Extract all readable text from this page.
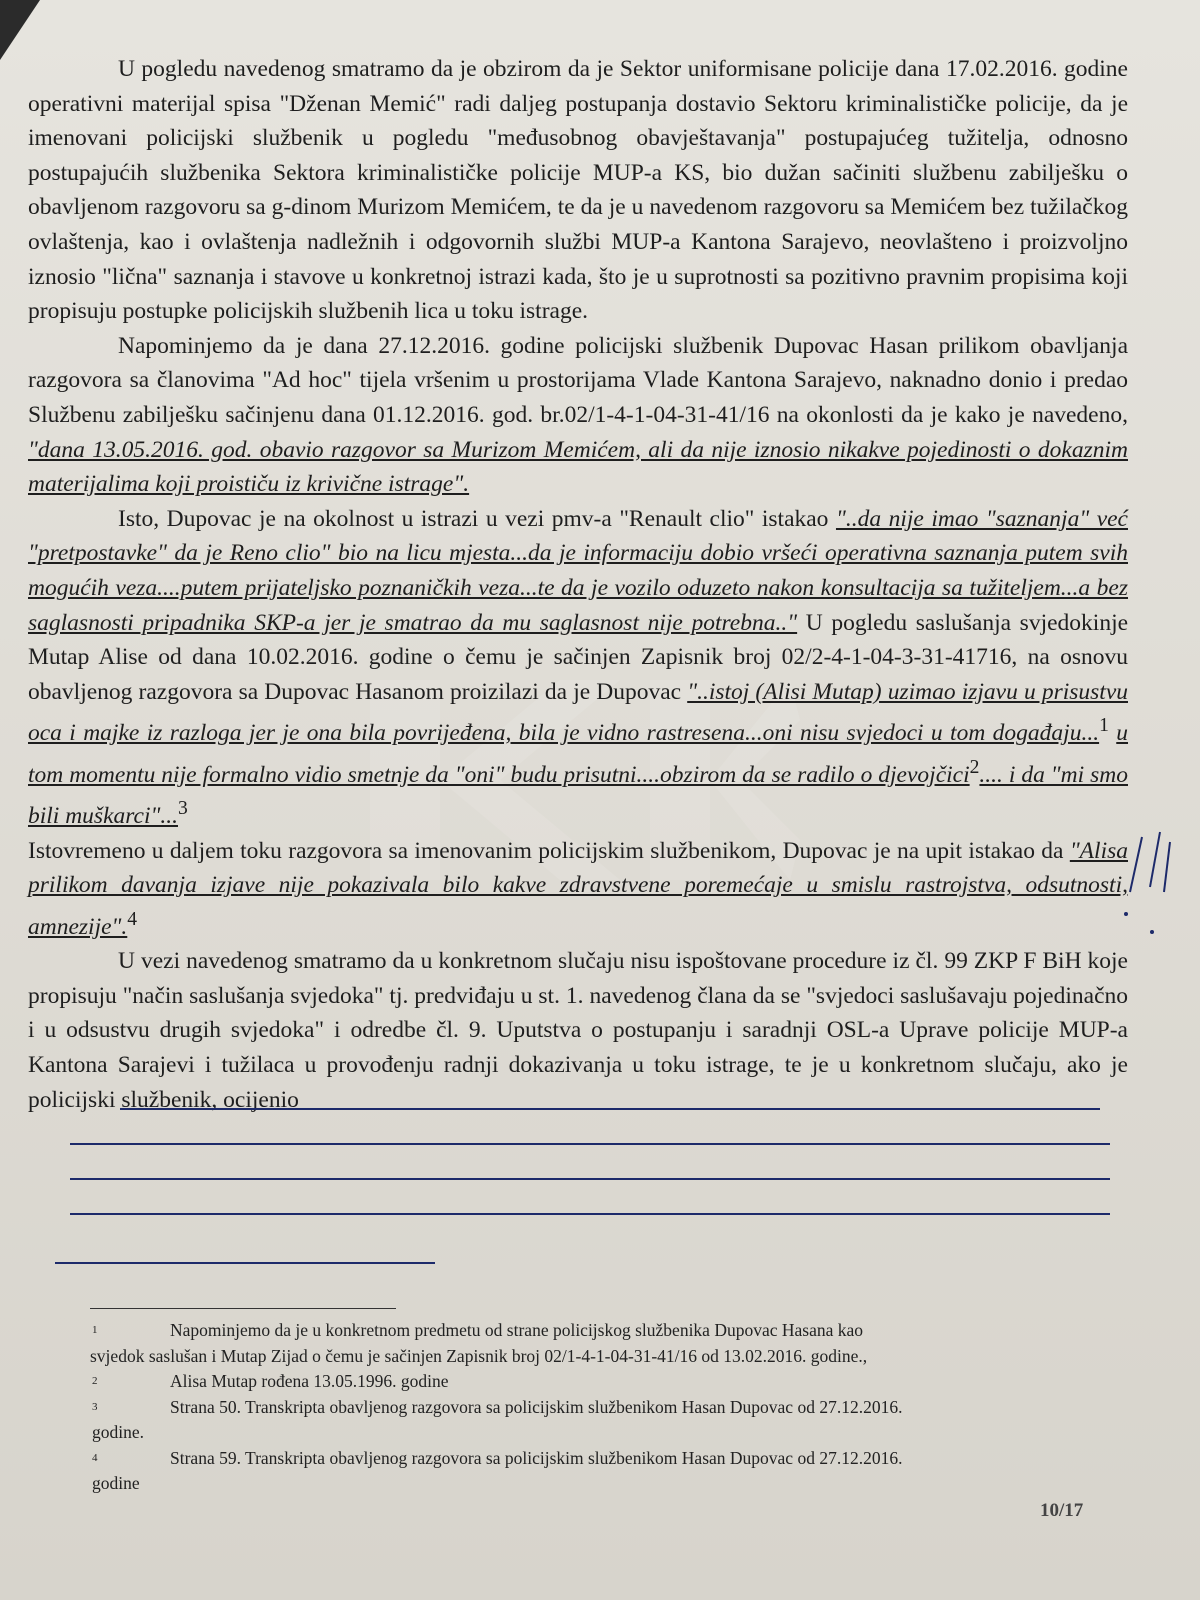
U pogledu navedenog smatramo da je obzirom da je Sektor uniformisane policije dana 17.02.2016. godine operativni materijal spisa "Dženan Memić" radi daljeg postupanja dostavio Sektoru kriminalističke policije, da je imenovani policijski službenik u pogledu "međusobnog obavještavanja" postupajućeg tužitelja, odnosno postupajućih službenika Sektora kriminalističke policije MUP-a KS, bio dužan sačiniti službenu zabilješku o obavljenom razgovoru sa g-dinom Murizom Memićem, te da je u navedenom razgovoru sa Memićem bez tužilačkog ovlaštenja, kao i ovlaštenja nadležnih i odgovornih službi MUP-a Kantona Sarajevo, neovlašteno i proizvoljno iznosio "lična" saznanja i stavove u konkretnoj istrazi kada, što je u suprotnosti sa pozitivno pravnim propisima koji propisuju postupke policijskih službenih lica u toku istrage.

Napominjemo da je dana 27.12.2016. godine policijski službenik Dupovac Hasan prilikom obavljanja razgovora sa članovima "Ad hoc" tijela vršenim u prostorijama Vlade Kantona Sarajevo, naknadno donio i predao Službenu zabilješku sačinjenu dana 01.12.2016. god. br.02/1-4-1-04-31-41/16 na okonlosti da je kako je navedeno, "dana 13.05.2016. god. obavio razgovor sa Murizom Memićem, ali da nije iznosio nikakve pojedinosti o dokaznim materijalima koji proističu iz krivične istrage".

Isto, Dupovac je na okolnost u istrazi u vezi pmv-a "Renault clio" istakao "..da nije imao "saznanja" već "pretpostavke" da je Reno clio" bio na licu mjesta...da je informaciju dobio vršeći operativna saznanja putem svih mogućih veza....putem prijateljsko poznaničkih veza...te da je vozilo oduzeto nakon konsultacija sa tužiteljem...a bez saglasnosti pripadnika SKP-a jer je smatrao da mu saglasnost nije potrebna.." U pogledu saslušanja svjedokinje Mutap Alise od dana 10.02.2016. godine o čemu je sačinjen Zapisnik broj 02/2-4-1-04-3-31-41716, na osnovu obavljenog razgovora sa Dupovac Hasanom proizilazi da je Dupovac "..istoj (Alisi Mutap) uzimao izjavu u prisustvu oca i majke iz razloga jer je ona bila povrijeđena, bila je vidno rastresena...oni nisu svjedoci u tom događaju...$^1$ u tom momentu nije formalno vidio smetnje da "oni" budu prisutni....obzirom da se radilo o djevojčici$^2$.... i da "mi smo bili muškarci"...$^3$

Istovremeno u daljem toku razgovora sa imenovanim policijskim službenikom, Dupovac je na upit istakao da "Alisa prilikom davanja izjave nije pokazivala bilo kakve zdravstvene poremećaje u smislu rastrojstva, odsutnosti, amnezije".$^4$

U vezi navedenog smatramo da u konkretnom slučaju nisu ispoštovane procedure iz čl. 99 ZKP F BiH koje propisuju "način saslušanja svjedoka" tj. predviđaju u st. 1. navedenog člana da se "svjedoci saslušavaju pojedinačno i u odsustvu drugih svjedoka" i odredbe čl. 9. Uputstva o postupanju i saradnji OSL-a Uprave policije MUP-a Kantona Sarajevi i tužilaca u provođenju radnji dokazivanja u toku istrage, te je u konkretnom slučaju, ako je policijski službenik, ocijenio

1	Napominjemo da je u konkretnom predmetu od strane policijskog službenika Dupovac Hasana kao
svjedok saslušan i Mutap Zijad o čemu je sačinjen Zapisnik broj 02/1-4-1-04-31-41/16 od 13.02.2016. godine.,
2	Alisa Mutap rođena 13.05.1996. godine
3	Strana 50. Transkripta obavljenog razgovora sa policijskim službenikom Hasan Dupovac od 27.12.2016.
godine.
4	Strana 59. Transkripta obavljenog razgovora sa policijskim službenikom Hasan Dupovac od 27.12.2016.
godine
10/17
